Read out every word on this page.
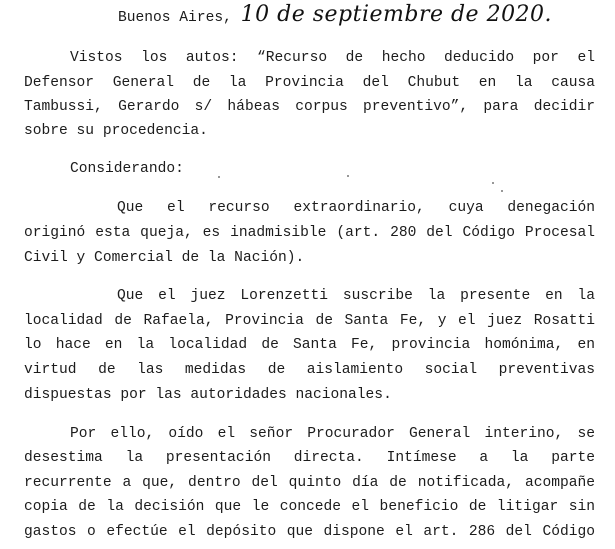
Buenos Aires, 10 de septiembre de 2020.
Vistos los autos: “Recurso de hecho deducido por el
Defensor General de la Provincia del Chubut en la causa
Tambussi, Gerardo s/ hábeas corpus preventivo”, para decidir
sobre su procedencia.
Considerando:
Que el recurso extraordinario, cuya denegación
originó esta queja, es inadmisible (art. 280 del Código Procesal
Civil y Comercial de la Nación).
Que el juez Lorenzetti suscribe la presente en la
localidad de Rafaela, Provincia de Santa Fe, y el juez Rosatti
lo hace en la localidad de Santa Fe, provincia homónima, en
virtud de las medidas de aislamiento social preventivas
dispuestas por las autoridades nacionales.
Por ello, oído el señor Procurador General interino, se
desestima la presentación directa. Intímese a la parte
recurrente a que, dentro del quinto día de notificada, acompañe
copia de la decisión que le concede el beneficio de litigar sin
gastos o efectúe el depósito que dispone el art. 286 del Código
